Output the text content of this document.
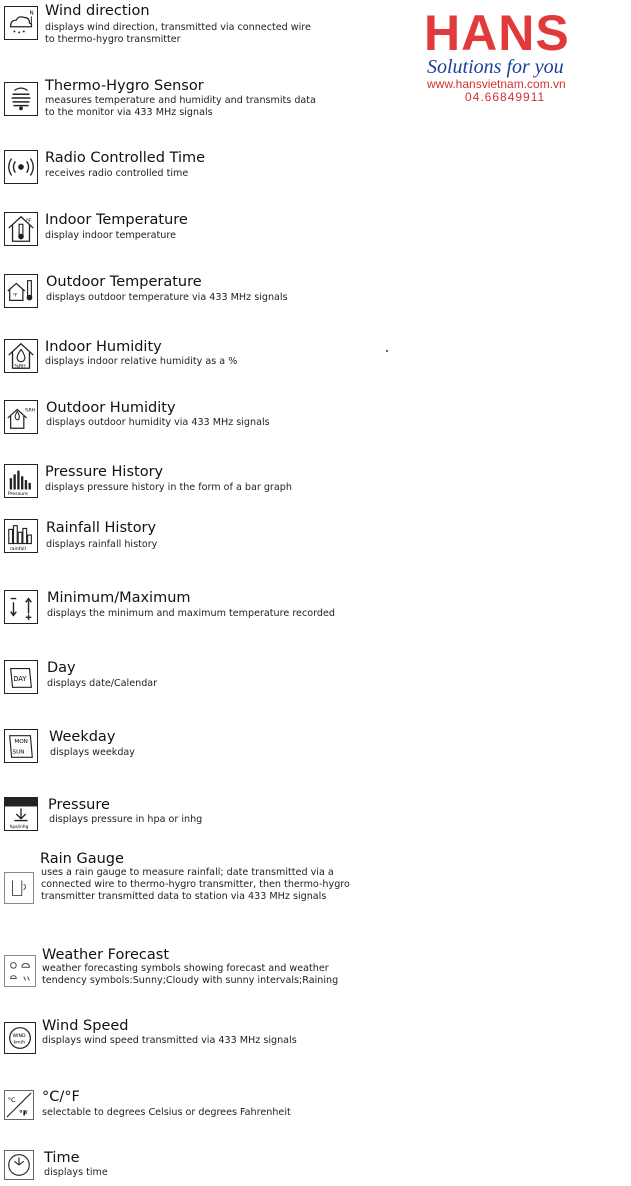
HANS
Solutions for you
www.hansvietnam.com.vn
04.66849911
N Wind direction
displays wind direction, transmitted via connected wire
to thermo-hygro transmitter
Thermo-Hygro Sensor
measures temperature and humidity and transmits data
to the monitor via 433 MHz signals
Radio Controlled Time
receives radio controlled time
°F Indoor Temperature
display indoor temperature
°F
Outdoor Temperature
displays outdoor temperature via 433 MHz signals
%RH
Indoor Humidity
displays indoor relative humidity as a %
%RH Outdoor Humidity
displays outdoor humidity via 433 MHz signals
Pressure
Pressure History
displays pressure history in the form of a bar graph
rainfall
Rainfall History
displays rainfall history
Minimum/Maximum
displays the minimum and maximum temperature recorded
DAY
Day
displays date/Calendar
MON
SUN
Weekday
displays weekday
hpa/inhg
Pressure
displays pressure in hpa or inhg
Rain Gauge
uses a rain gauge to measure rainfall; date transmitted via a
connected wire to thermo-hygro transmitter, then thermo-hygro
transmitter transmitted data to station via 433 MHz signals
Weather Forecast
weather forecasting symbols showing forecast and weather
tendency symbols:Sunny;Cloudy with sunny intervals;Raining
WIND
km/h
Wind Speed
displays wind speed transmitted via 433 MHz signals
°C
°F
°C/°F
selectable to degrees Celsius or degrees Fahrenheit
Time
displays time
